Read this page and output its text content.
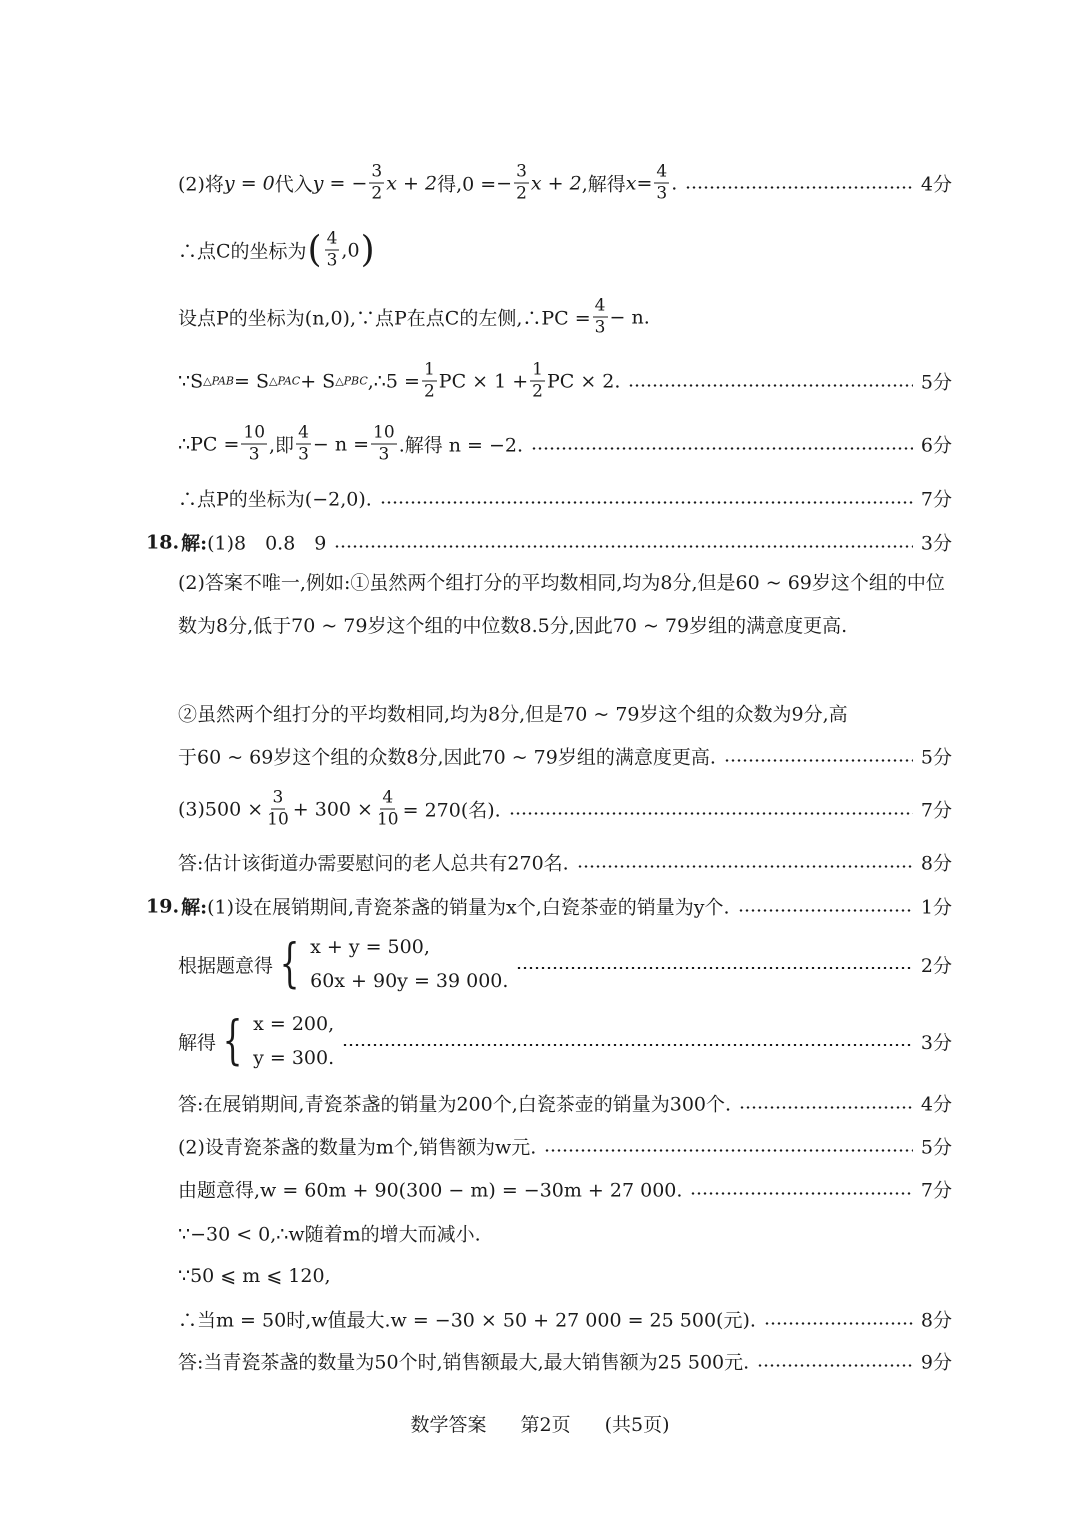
(2)将 y = 0 代入 y = − $\frac{3}{2}$ x + 2 得,0 = − $\frac{3}{2}$ x + 2 ,解得 $x = \frac{4}{3}$ .	4分
∴点C的坐标为 ( $\frac{4}{3} ,0$ )
设点P的坐标为(n,0),∵点P在点C的左侧,∴PC = $\frac{4}{3} - n$.
∵S △PAB = S △PAC + S △PBC ,∴5 = $\frac{1}{2}$ PC × $1 + \frac{1}{2}$ PC × 2.	5分
∴PC = $\frac{10}{3}$ ,即 $\frac{4}{3} - n = \frac{10}{3}$ .解得 n = −2.	6分
∴点P的坐标为(−2,0).	7分
18. 解: (1)8　0.8　9	3分
(2)答案不唯一,例如:①虽然两个组打分的平均数相同,均为8分,但是60 ~ 69岁这个组的中位数为8分,低于70 ~ 79岁这个组的中位数8.5分,因此70 ~ 79岁组的满意度更高.
②虽然两个组打分的平均数相同,均为8分,但是70 ~ 79岁这个组的众数为9分,高
于60 ~ 69岁这个组的众数8分,因此70 ~ 79岁组的满意度更高.	5分
$(3)500 \times \frac{3}{10} + 300 \times \frac{4}{10} = 270$(名).	7分
答:估计该街道办需要慰问的老人总共有270名.	8分
19. 解: (1)设在展销期间,青瓷茶盏的销量为x个,白瓷茶壶的销量为y个.	1分
根据题意得 { x + y = 500,
60x + 90y = 39 000.
2分
解得 { x = 200,
y = 300.
3分
答:在展销期间,青瓷茶盏的销量为200个,白瓷茶壶的销量为300个.	4分
(2)设青瓷茶盏的数量为m个,销售额为w元.	5分
由题意得,w = 60m + 90(300 − m) = −30m + 27 000.	7分
∵−30 < 0,∴w随着m的增大而减小.
∵50 ⩽ m ⩽ 120,
∴当m = 50时,w值最大.w = −30 × 50 + 27 000 = 25 500(元).	8分
答:当青瓷茶盏的数量为50个时,销售额最大,最大销售额为25 500元.	9分
数学答案 第2页 (共5页)
